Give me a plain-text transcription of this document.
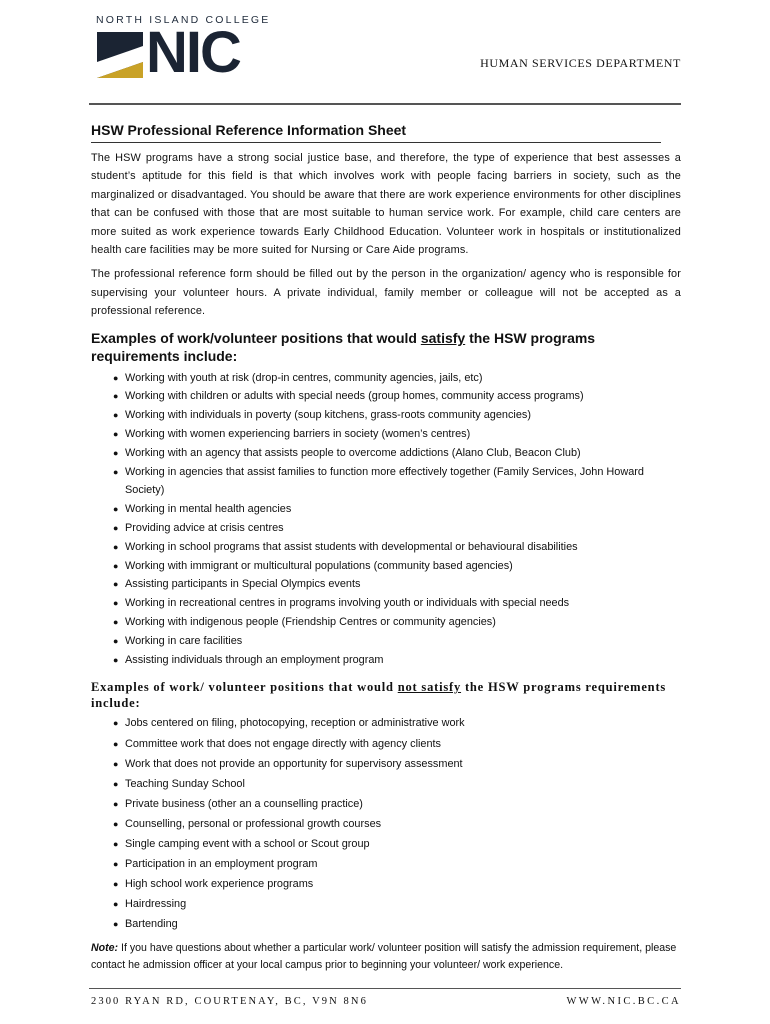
NORTH ISLAND COLLEGE
NIC	HUMAN SERVICES DEPARTMENT
HSW Professional Reference Information Sheet

The HSW programs have a strong social justice base, and therefore, the type of experience that best assesses a student’s aptitude for this field is that which involves work with people facing barriers in society, such as the marginalized or disadvantaged. You should be aware that there are work experience environments for other disciplines that can be confused with those that are most suitable to human service work. For example, child care centers are more suited as work experience towards Early Childhood Education. Volunteer work in hospitals or institutionalized health care facilities may be more suited for Nursing or Care Aide programs.

The professional reference form should be filled out by the person in the organization/ agency who is responsible for supervising your volunteer hours. A private individual, family member or colleague will not be accepted as a professional reference.

Examples of work/volunteer positions that would satisfy the HSW programs requirements include:
● Working with youth at risk (drop-in centres, community agencies, jails, etc)
● Working with children or adults with special needs (group homes, community access programs)
● Working with individuals in poverty (soup kitchens, grass-roots community agencies)
● Working with women experiencing barriers in society (women’s centres)
● Working with an agency that assists people to overcome addictions (Alano Club, Beacon Club)
● Working in agencies that assist families to function more effectively together (Family Services, John Howard Society)
● Working in mental health agencies
● Providing advice at crisis centres
● Working in school programs that assist students with developmental or behavioural disabilities
● Working with immigrant or multicultural populations (community based agencies)
● Assisting participants in Special Olympics events
● Working in recreational centres in programs involving youth or individuals with special needs
● Working with indigenous people (Friendship Centres or community agencies)
● Working in care facilities
● Assisting individuals through an employment program
Examples of work/ volunteer positions that would not satisfy the HSW programs requirements include:
● Jobs centered on filing, photocopying, reception or administrative work
● Committee work that does not engage directly with agency clients
● Work that does not provide an opportunity for supervisory assessment
● Teaching Sunday School
● Private business (other an a counselling practice)
● Counselling, personal or professional growth courses
● Single camping event with a school or Scout group
● Participation in an employment program
● High school work experience programs
● Hairdressing
● Bartending
Note: If you have questions about whether a particular work/ volunteer position will satisfy the admission requirement, please contact he admission officer at your local campus prior to beginning your volunteer/ work experience.
2300 RYAN RD, COURTENAY, BC, V9N 8N6	WWW.NIC.BC.CA
